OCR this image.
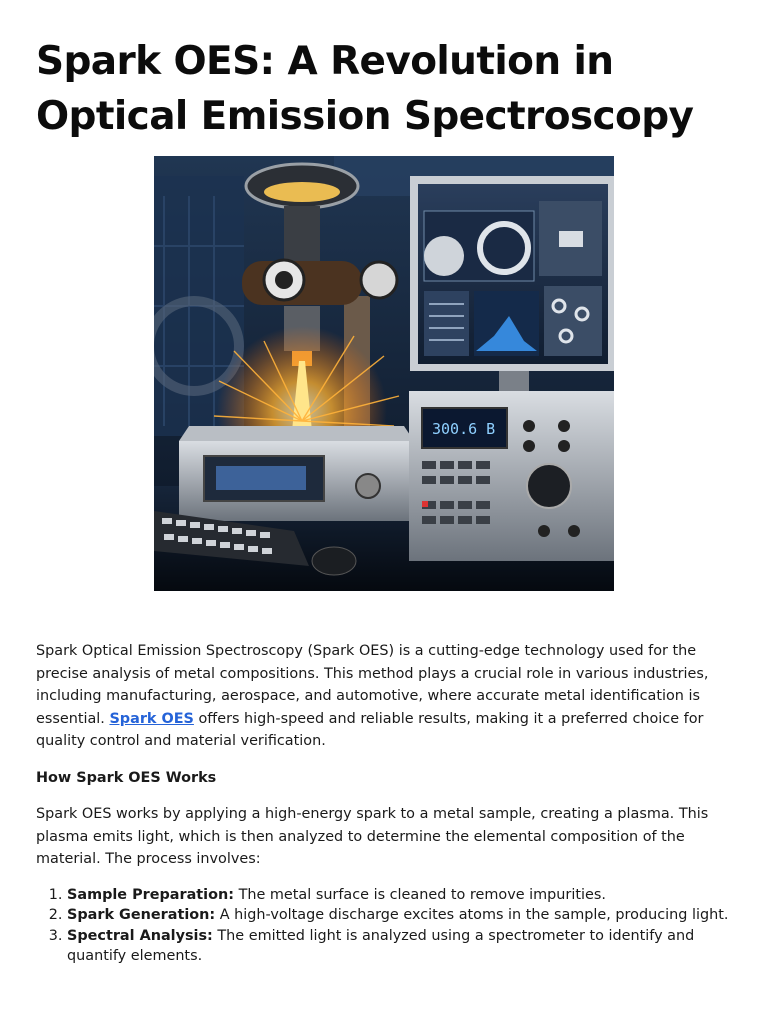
Spark OES: A Revolution in Optical Emission Spectroscopy
300.6 B

Spark Optical Emission Spectroscopy (Spark OES) is a cutting-edge technology used for the precise analysis of metal compositions. This method plays a crucial role in various industries, including manufacturing, aerospace, and automotive, where accurate metal identification is essential. Spark OES offers high-speed and reliable results, making it a preferred choice for quality control and material verification.

How Spark OES Works

Spark OES works by applying a high-energy spark to a metal sample, creating a plasma. This plasma emits light, which is then analyzed to determine the elemental composition of the material. The process involves:

1. Sample Preparation: The metal surface is cleaned to remove impurities.
2. Spark Generation: A high-voltage discharge excites atoms in the sample, producing light.
3. Spectral Analysis: The emitted light is analyzed using a spectrometer to identify and quantify elements.
